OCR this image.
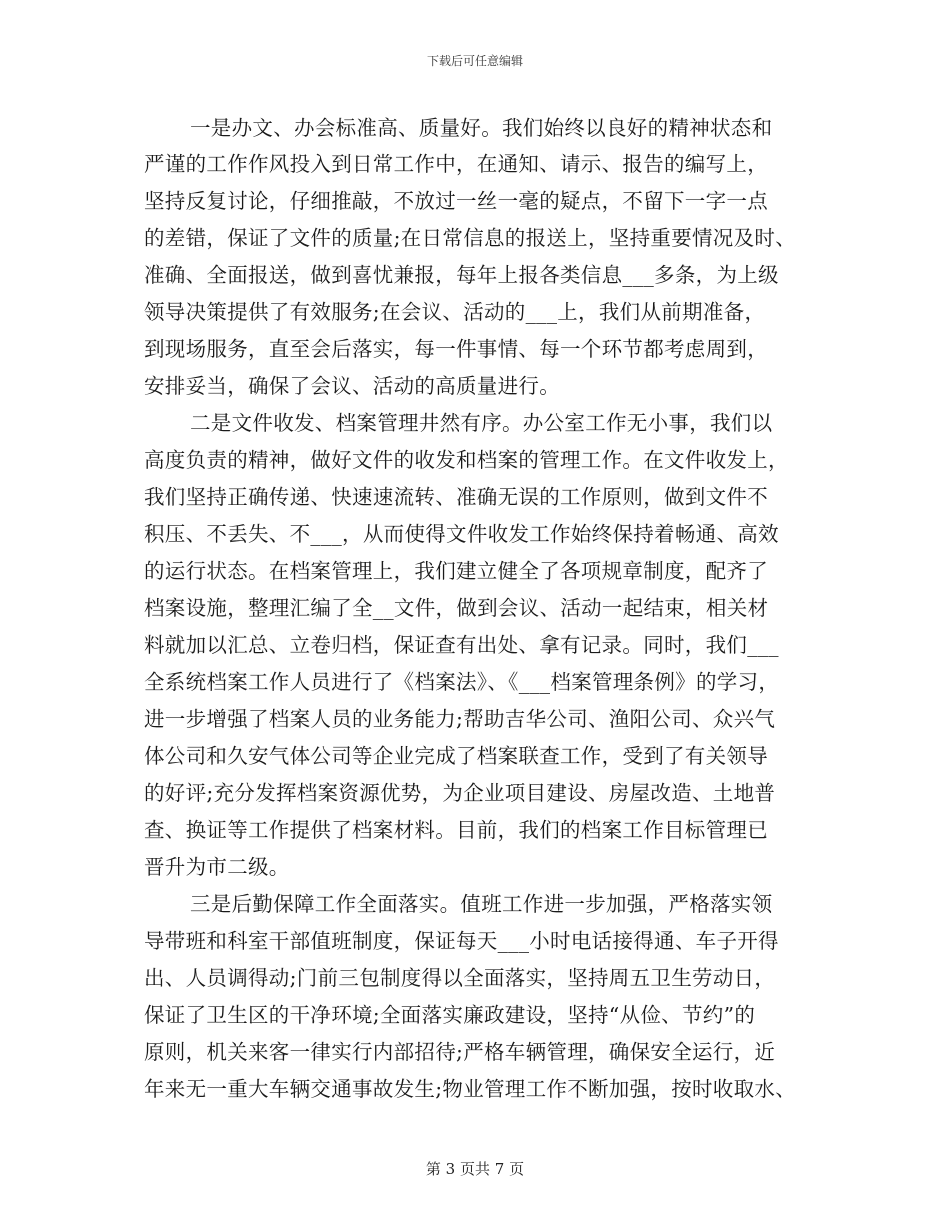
下载后可任意编辑
一是办文、办会标准高、质量好。我们始终以良好的精神状态和
严谨的工作作风投入到日常工作中，在通知、请示、报告的编写上，
坚持反复讨论，仔细推敲，不放过一丝一毫的疑点，不留下一字一点
的差错，保证了文件的质量;在日常信息的报送上，坚持重要情况及时、
准确、全面报送，做到喜忧兼报，每年上报各类信息___多条，为上级
领导决策提供了有效服务;在会议、活动的___上，我们从前期准备，
到现场服务，直至会后落实，每一件事情、每一个环节都考虑周到，
安排妥当，确保了会议、活动的高质量进行。
二是文件收发、档案管理井然有序。办公室工作无小事，我们以
高度负责的精神，做好文件的收发和档案的管理工作。在文件收发上，
我们坚持正确传递、快速速流转、准确无误的工作原则，做到文件不
积压、不丢失、不___，从而使得文件收发工作始终保持着畅通、高效
的运行状态。在档案管理上，我们建立健全了各项规章制度，配齐了
档案设施，整理汇编了全__文件，做到会议、活动一起结束，相关材
料就加以汇总、立卷归档，保证查有出处、拿有记录。同时，我们___
全系统档案工作人员进行了《档案法》、《___档案管理条例》的学习，
进一步增强了档案人员的业务能力;帮助吉华公司、渔阳公司、众兴气
体公司和久安气体公司等企业完成了档案联查工作，受到了有关领导
的好评;充分发挥档案资源优势，为企业项目建设、房屋改造、土地普
查、换证等工作提供了档案材料。目前，我们的档案工作目标管理已
晋升为市二级。
三是后勤保障工作全面落实。值班工作进一步加强，严格落实领
导带班和科室干部值班制度，保证每天___小时电话接得通、车子开得
出、人员调得动;门前三包制度得以全面落实，坚持周五卫生劳动日，
保证了卫生区的干净环境;全面落实廉政建设，坚持“从俭、节约”的
原则，机关来客一律实行内部招待;严格车辆管理，确保安全运行，近
年来无一重大车辆交通事故发生;物业管理工作不断加强，按时收取水、
第 3 页共 7 页
